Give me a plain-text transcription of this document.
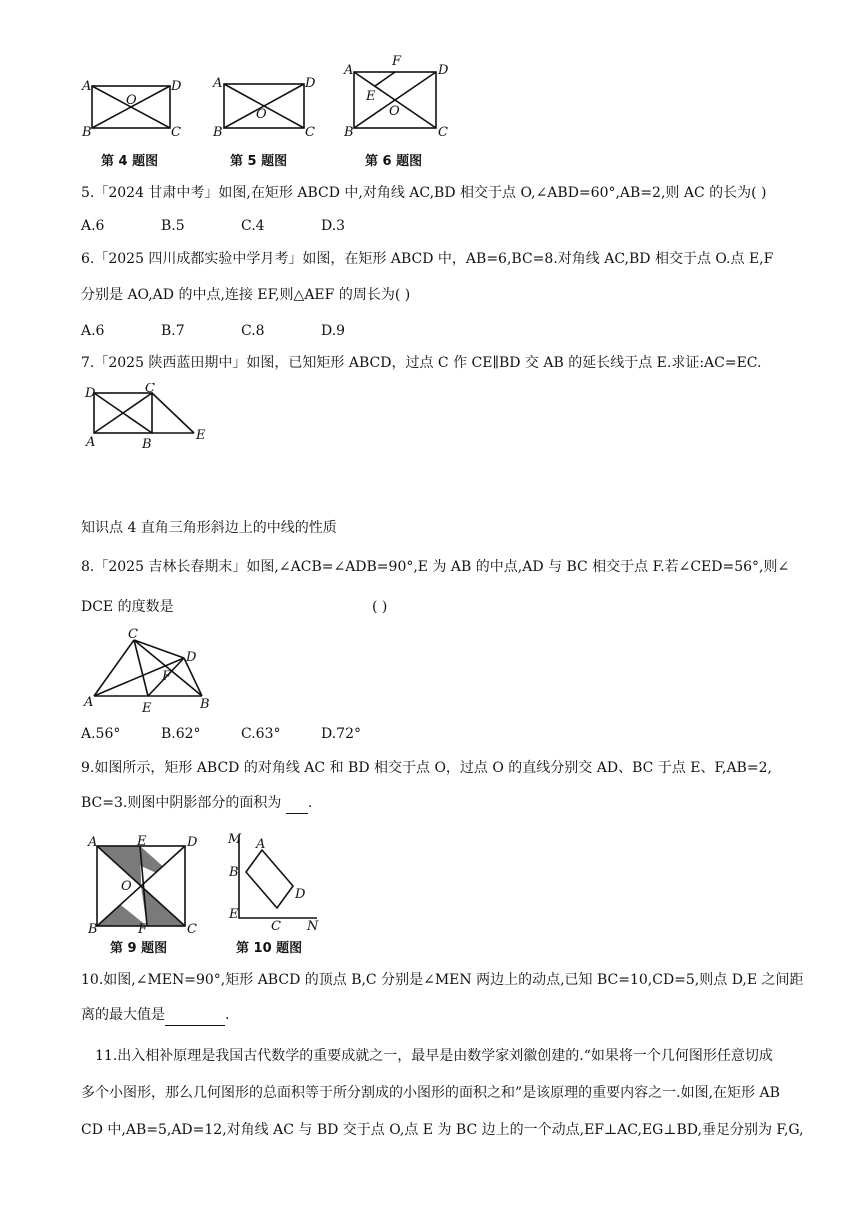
A	D
B	C
O
第 4 题图
A	D
B	C
O
第 5 题图
A
F
D
E
O
B	C
第 6 题图
5.「2024 甘肃中考」如图,在矩形 ABCD 中,对角线 AC,BD 相交于点 O,∠ABD=60°,AB=2,则 AC 的长为( )
A.6	B.5	C.4	D.3
6.「2025 四川成都实验中学月考」如图，在矩形 ABCD 中，AB=6,BC=8.对角线 AC,BD 相交于点 O.点 E,F
分别是 AO,AD 的中点,连接 EF,则△AEF 的周长为( )
A.6	B.7	C.8	D.9
7.「2025 陕西蓝田期中」如图，已知矩形 ABCD，过点 C 作 CE∥BD 交 AB 的延长线于点 E.求证:AC=EC.
D	C
A	B
E
知识点 4 直角三角形斜边上的中线的性质
8.「2025 吉林长春期末」如图,∠ACB=∠ADB=90°,E 为 AB 的中点,AD 与 BC 相交于点 F.若∠CED=56°,则∠
DCE 的度数是	( )
C
D
F
A	E	B
A.56°	B.62°	C.63°	D.72°
9.如图所示，矩形 ABCD 的对角线 AC 和 BD 相交于点 O，过点 O 的直线分别交 AD、BC 于点 E、F,AB=2,
BC=3.则图中阴影部分的面积为 .
A	E	D
O
B	F	C
第 9 题图
M A
B
D
E
C N
第 10 题图
10.如图,∠MEN=90°,矩形 ABCD 的顶点 B,C 分别是∠MEN 两边上的动点,已知 BC=10,CD=5,则点 D,E 之间距
离的最大值是	.
11.出入相补原理是我国古代数学的重要成就之一，最早是由数学家刘徽创建的.“如果将一个几何图形任意切成
多个小图形，那么几何图形的总面积等于所分割成的小图形的面积之和”是该原理的重要内容之一.如图,在矩形 AB
CD 中,AB=5,AD=12,对角线 AC 与 BD 交于点 O,点 E 为 BC 边上的一个动点,EF⊥AC,EG⊥BD,垂足分别为 F,G,
